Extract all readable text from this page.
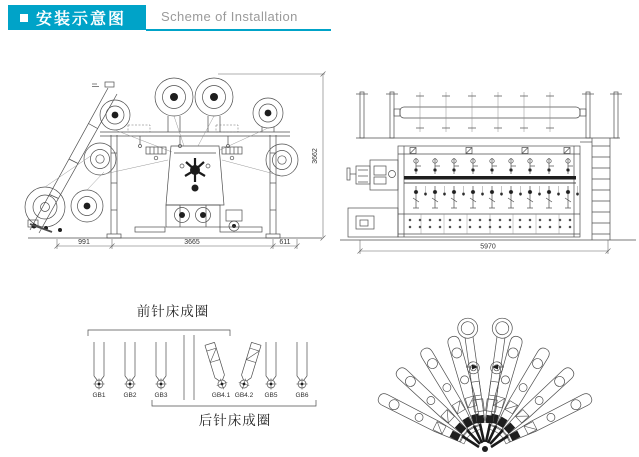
安装示意图	Scheme of Installation
991	3665	611
3662
5970
前针床成圈
GB1	GB2	GB3	GB4.1 GB4.2 GB5	GB6
后针床成圈
